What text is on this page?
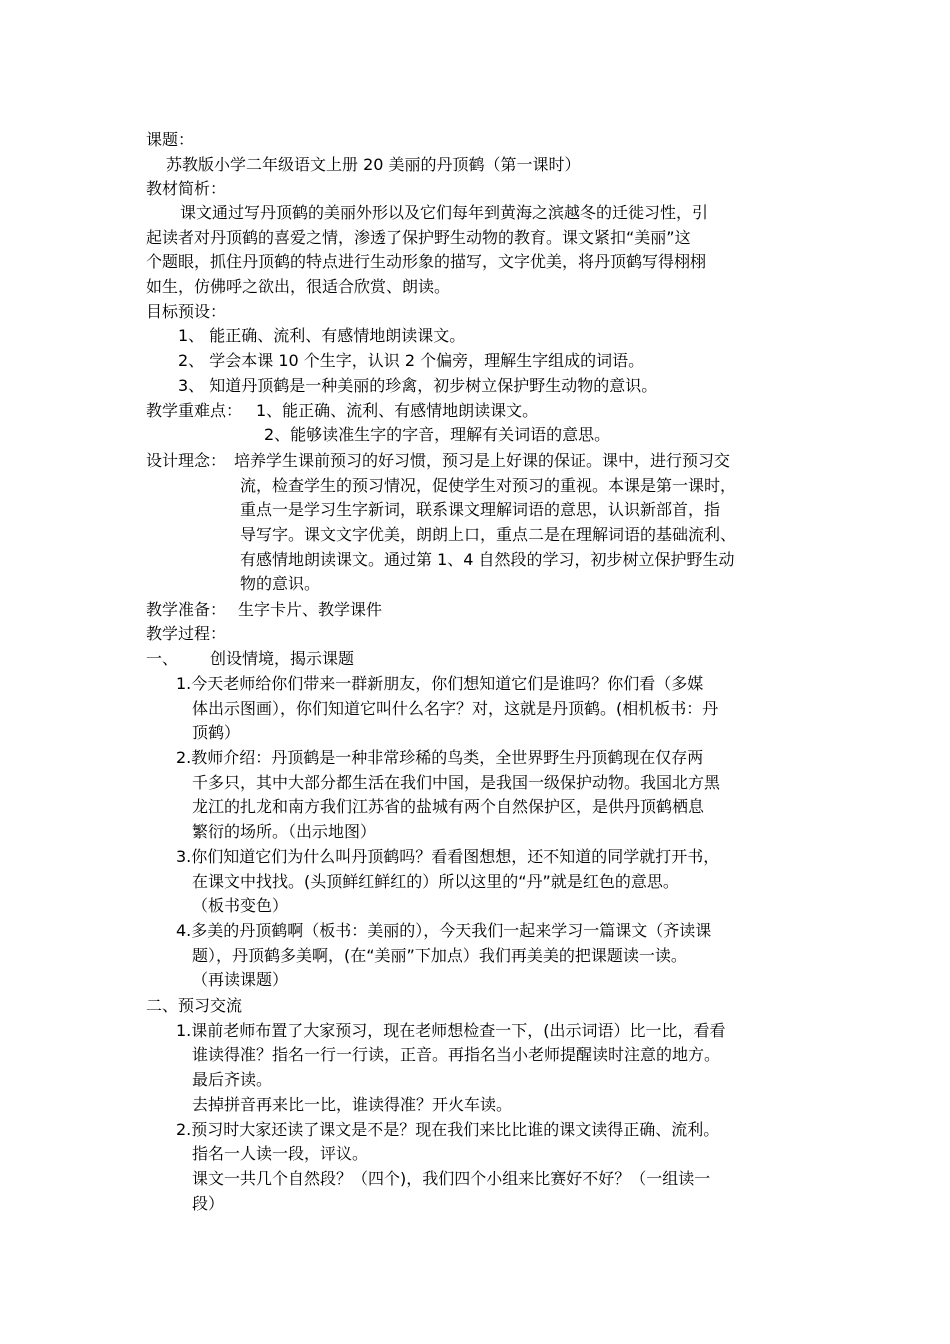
课题：
苏教版小学二年级语文上册 20 美丽的丹顶鹤（第一课时）
教材简析：
课文通过写丹顶鹤的美丽外形以及它们每年到黄海之滨越冬的迁徙习性，引
起读者对丹顶鹤的喜爱之情，渗透了保护野生动物的教育。课文紧扣“美丽”这
个题眼，抓住丹顶鹤的特点进行生动形象的描写，文字优美，将丹顶鹤写得栩栩
如生，仿佛呼之欲出，很适合欣赏、朗读。
目标预设：
1、 能正确、流利、有感情地朗读课文。
2、 学会本课 10 个生字，认识 2 个偏旁，理解生字组成的词语。
3、 知道丹顶鹤是一种美丽的珍禽，初步树立保护野生动物的意识。
教学重难点： 1、能正确、流利、有感情地朗读课文。
2、能够读准生字的字音，理解有关词语的意思。
设计理念： 培养学生课前预习的好习惯，预习是上好课的保证。课中，进行预习交
流，检查学生的预习情况，促使学生对预习的重视。本课是第一课时，
重点一是学习生字新词，联系课文理解词语的意思，认识新部首，指
导写字。课文文字优美，朗朗上口，重点二是在理解词语的基础流利、
有感情地朗读课文。通过第 1、4 自然段的学习，初步树立保护野生动
物的意识。
教学准备： 生字卡片、教学课件
教学过程：
一、 创设情境，揭示课题
1.今天老师给你们带来一群新朋友，你们想知道它们是谁吗？你们看（多媒
体出示图画），你们知道它叫什么名字？对，这就是丹顶鹤。(相机板书：丹
顶鹤）
2.教师介绍：丹顶鹤是一种非常珍稀的鸟类，全世界野生丹顶鹤现在仅存两
千多只，其中大部分都生活在我们中国，是我国一级保护动物。我国北方黑
龙江的扎龙和南方我们江苏省的盐城有两个自然保护区，是供丹顶鹤栖息
繁衍的场所。（出示地图）
3.你们知道它们为什么叫丹顶鹤吗？看看图想想，还不知道的同学就打开书，
在课文中找找。(头顶鲜红鲜红的）所以这里的“丹”就是红色的意思。
（板书变色）
4.多美的丹顶鹤啊（板书：美丽的），今天我们一起来学习一篇课文（齐读课
题），丹顶鹤多美啊，(在“美丽”下加点）我们再美美的把课题读一读。
（再读课题）
二、预习交流
1.课前老师布置了大家预习，现在老师想检查一下，(出示词语）比一比，看看
谁读得准？指名一行一行读，正音。再指名当小老师提醒读时注意的地方。
最后齐读。
去掉拼音再来比一比，谁读得准？开火车读。
2.预习时大家还读了课文是不是？现在我们来比比谁的课文读得正确、流利。
指名一人读一段，评议。
课文一共几个自然段？（四个)，我们四个小组来比赛好不好？（一组读一
段）
